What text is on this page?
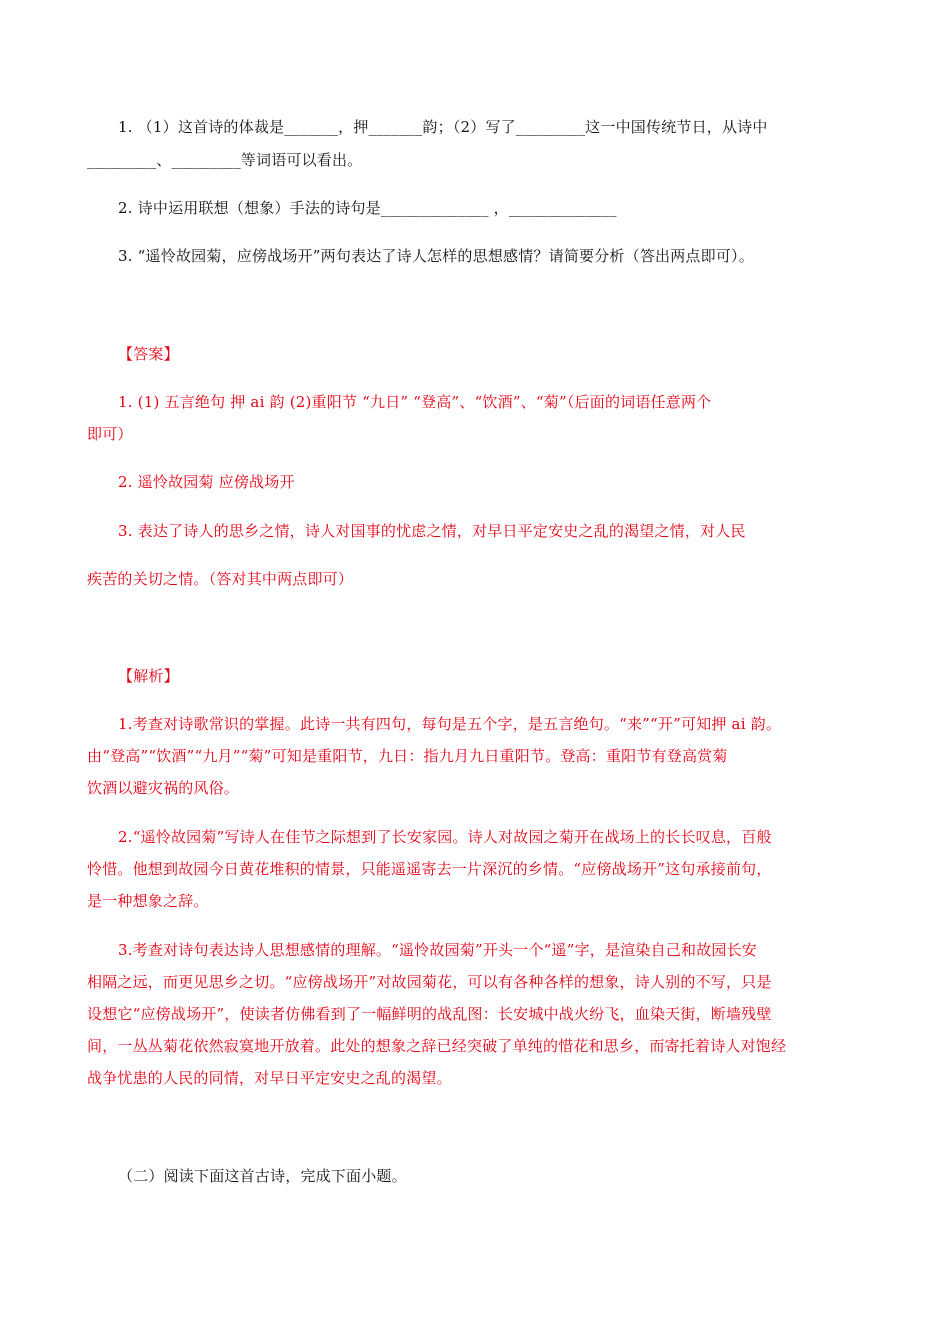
1. （1）这首诗的体裁是_______，押_______韵；（2）写了_________这一中国传统节日，从诗中
_________、_________等词语可以看出。
2. 诗中运用联想（想象）手法的诗句是______________ ，______________
3. “遥怜故园菊，应傍战场开”两句表达了诗人怎样的思想感情？请简要分析（答出两点即可）。
【答案】
1. (1) 五言绝句 押 ai 韵 (2)重阳节 “九日” “登高”、“饮酒”、“菊”（后面的词语任意两个
即可）
2. 遥怜故园菊 应傍战场开
3. 表达了诗人的思乡之情，诗人对国事的忧虑之情，对早日平定安史之乱的渴望之情，对人民
疾苦的关切之情。（答对其中两点即可）
【解析】
1.考查对诗歌常识的掌握。此诗一共有四句，每句是五个字，是五言绝句。“来”“开”可知押 ai 韵。
由“登高”“饮酒”“九月”“菊”可知是重阳节，九日：指九月九日重阳节。登高：重阳节有登高赏菊
饮酒以避灾祸的风俗。
2.“遥怜故园菊”写诗人在佳节之际想到了长安家园。诗人对故园之菊开在战场上的长长叹息，百般
怜惜。他想到故园今日黄花堆积的情景，只能遥遥寄去一片深沉的乡情。“应傍战场开”这句承接前句，
是一种想象之辞。
3.考查对诗句表达诗人思想感情的理解。“遥怜故园菊”开头一个“遥”字，是渲染自己和故园长安
相隔之远，而更见思乡之切。“应傍战场开”对故园菊花，可以有各种各样的想象，诗人别的不写，只是
设想它“应傍战场开”，使读者仿佛看到了一幅鲜明的战乱图：长安城中战火纷飞，血染天街，断墙残壁
间，一丛丛菊花依然寂寞地开放着。此处的想象之辞已经突破了单纯的惜花和思乡，而寄托着诗人对饱经
战争忧患的人民的同情，对早日平定安史之乱的渴望。
（二）阅读下面这首古诗，完成下面小题。
